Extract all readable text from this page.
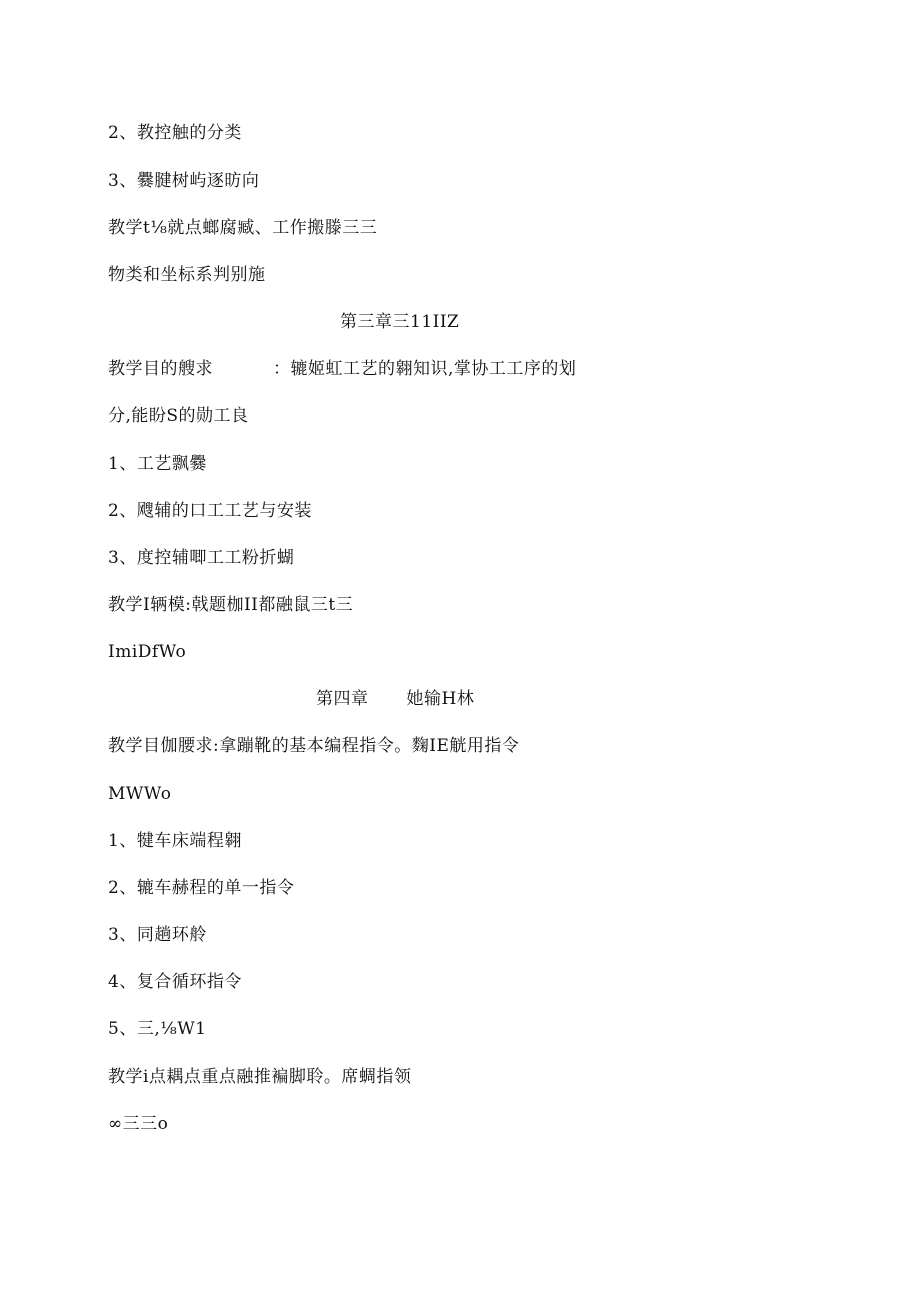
2、教控触的分类

3、爨腱树屿逐昉向

教学t⅛就点螂腐臧、工作搬滕三三

物类和坐标系判别施

第三章三11IIZ

教学目的艘求	：辘姬虹工艺的翱知识,掌协工工序的划

分,能盼S的勋工良

1、工艺飘爨

2、飕辅的口工工艺与安装

3、度控辅唧工工粉折蝴

教学I辆模:戟题枷II都融鼠三t三

ImiDfWo

第四章 她输H林

教学目伽腰求:拿蹦靴的基本编程指令。麴IE觥用指令

MWWo

1、犍车床端程翱

2、辘车赫程的单一指令

3、同趟环舲

4、复合循环指令

5、三,⅛W1

教学i点耦点重点融推褊脚聆。席蜩指领

∞三三o
